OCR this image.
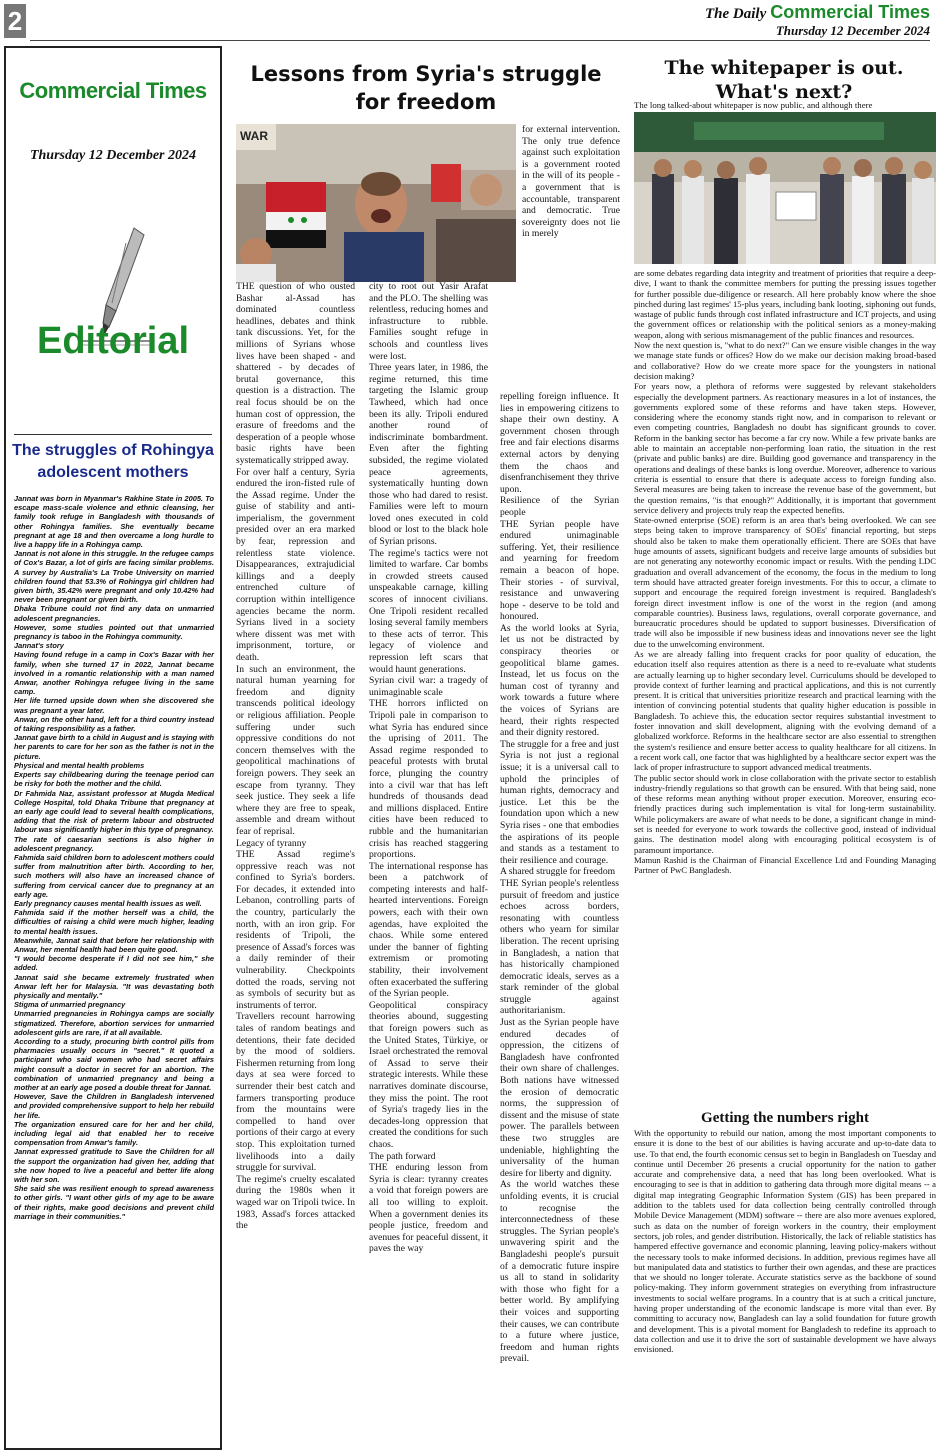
2	The Daily Commercial Times
Thursday 12 December 2024
Commercial Times
Thursday 12 December 2024
Editorial
The struggles of Rohingya adolescent mothers

Jannat was born in Myanmar's Rakhine State in 2005. To escape mass-scale violence and ethnic cleansing, her family took refuge in Bangladesh with thousands of other Rohingya families. She eventually became pregnant at age 18 and then overcame a long hurdle to live a happy life in a Rohingya camp.

Jannat is not alone in this struggle. In the refugee camps of Cox's Bazar, a lot of girls are facing similar problems. A survey by Australia's La Trobe University on married children found that 53.3% of Rohingya girl children had given birth, 35.42% were pregnant and only 10.42% had never been pregnant or given birth.

Dhaka Tribune could not find any data on unmarried adolescent pregnancies.

However, some studies pointed out that unmarried pregnancy is taboo in the Rohingya community.

Jannat's story

Having found refuge in a camp in Cox's Bazar with her family, when she turned 17 in 2022, Jannat became involved in a romantic relationship with a man named Anwar, another Rohingya refugee living in the same camp.

Her life turned upside down when she discovered she was pregnant a year later.

Anwar, on the other hand, left for a third country instead of taking responsibility as a father.

Jannat gave birth to a child in August and is staying with her parents to care for her son as the father is not in the picture.

Physical and mental health problems

Experts say childbearing during the teenage period can be risky for both the mother and the child.

Dr Fahmida Naz, assistant professor at Mugda Medical College Hospital, told Dhaka Tribune that pregnancy at an early age could lead to several health complications, adding that the risk of preterm labour and obstructed labour was significantly higher in this type of pregnancy.

The rate of caesarian sections is also higher in adolescent pregnancy.

Fahmida said children born to adolescent mothers could suffer from malnutrition after birth. According to her, such mothers will also have an increased chance of suffering from cervical cancer due to pregnancy at an early age.

Early pregnancy causes mental health issues as well.

Fahmida said if the mother herself was a child, the difficulties of raising a child were much higher, leading to mental health issues.

Meanwhile, Jannat said that before her relationship with Anwar, her mental health had been quite good.

"I would become desperate if I did not see him," she added.

Jannat said she became extremely frustrated when Anwar left her for Malaysia. "It was devastating both physically and mentally."

Stigma of unmarried pregnancy

Unmarried pregnancies in Rohingya camps are socially stigmatized. Therefore, abortion services for unmarried adolescent girls are rare, if at all available.

According to a study, procuring birth control pills from pharmacies usually occurs in "secret." It quoted a participant who said women who had secret affairs might consult a doctor in secret for an abortion. The combination of unmarried pregnancy and being a mother at an early age posed a double threat for Jannat.

However, Save the Children in Bangladesh intervened and provided comprehensive support to help her rebuild her life.

The organization ensured care for her and her child, including legal aid that enabled her to receive compensation from Anwar's family.

Jannat expressed gratitude to Save the Children for all the support the organization had given her, adding that she now hoped to live a peaceful and better life along with her son.

She said she was resilient enough to spread awareness to other girls. "I want other girls of my age to be aware of their rights, make good decisions and prevent child marriage in their communities."

Lessons from Syria's struggle for freedom
WAR	for external intervention. The only true defence against such exploitation is a government rooted in the will of its people - a government that is accountable, transparent and democratic. True sovereignty does not lie in merely

THE question of who ousted Bashar al-Assad has dominated countless headlines, debates and think tank discussions. Yet, for the millions of Syrians whose lives have been shaped - and shattered - by decades of brutal governance, this question is a distraction. The real focus should be on the human cost of oppression, the erasure of freedoms and the desperation of a people whose basic rights have been systematically stripped away.

For over half a century, Syria endured the iron-fisted rule of the Assad regime. Under the guise of stability and anti-imperialism, the government presided over an era marked by fear, repression and relentless state violence. Disappearances, extrajudicial killings and a deeply entrenched culture of corruption within intelligence agencies became the norm. Syrians lived in a society where dissent was met with imprisonment, torture, or death.

In such an environment, the natural human yearning for freedom and dignity transcends political ideology or religious affiliation. People suffering under such oppressive conditions do not concern themselves with the geopolitical machinations of foreign powers. They seek an escape from tyranny. They seek justice. They seek a life where they are free to speak, assemble and dream without fear of reprisal.

Legacy of tyranny

THE Assad regime's oppressive reach was not confined to Syria's borders. For decades, it extended into Lebanon, controlling parts of the country, particularly the north, with an iron grip. For residents of Tripoli, the presence of Assad's forces was a daily reminder of their vulnerability. Checkpoints dotted the roads, serving not as symbols of security but as instruments of terror.

Travellers recount harrowing tales of random beatings and detentions, their fate decided by the mood of soldiers. Fishermen returning from long days at sea were forced to surrender their best catch and farmers transporting produce from the mountains were compelled to hand over portions of their cargo at every stop. This exploitation turned livelihoods into a daily struggle for survival.

The regime's cruelty escalated during the 1980s when it waged war on Tripoli twice. In 1983, Assad's forces attacked the

city to root out Yasir Arafat and the PLO. The shelling was relentless, reducing homes and infrastructure to rubble. Families sought refuge in schools and countless lives were lost.

Three years later, in 1986, the regime returned, this time targeting the Islamic group Tawheed, which had once been its ally. Tripoli endured another round of indiscriminate bombardment. Even after the fighting subsided, the regime violated peace agreements, systematically hunting down those who had dared to resist. Families were left to mourn loved ones executed in cold blood or lost to the black hole of Syrian prisons.

The regime's tactics were not limited to warfare. Car bombs in crowded streets caused unspeakable carnage, killing scores of innocent civilians. One Tripoli resident recalled losing several family members to these acts of terror. This legacy of violence and repression left scars that would haunt generations.

Syrian civil war: a tragedy of unimaginable scale

THE horrors inflicted on Tripoli pale in comparison to what Syria has endured since the uprising of 2011. The Assad regime responded to peaceful protests with brutal force, plunging the country into a civil war that has left hundreds of thousands dead and millions displaced. Entire cities have been reduced to rubble and the humanitarian crisis has reached staggering proportions.

The international response has been a patchwork of competing interests and half-hearted interventions. Foreign powers, each with their own agendas, have exploited the chaos. While some entered under the banner of fighting extremism or promoting stability, their involvement often exacerbated the suffering of the Syrian people.

Geopolitical conspiracy theories abound, suggesting that foreign powers such as the United States, Türkiye, or Israel orchestrated the removal of Assad to serve their strategic interests. While these narratives dominate discourse, they miss the point. The root of Syria's tragedy lies in the decades-long oppression that created the conditions for such chaos.

The path forward

THE enduring lesson from Syria is clear: tyranny creates a void that foreign powers are all too willing to exploit. When a government denies its people justice, freedom and avenues for peaceful dissent, it paves the way

repelling foreign influence. It lies in empowering citizens to shape their own destiny. A government chosen through free and fair elections disarms external actors by denying them the chaos and disenfranchisement they thrive upon.

Resilience of the Syrian people

THE Syrian people have endured unimaginable suffering. Yet, their resilience and yearning for freedom remain a beacon of hope. Their stories - of survival, resistance and unwavering hope - deserve to be told and honoured.

As the world looks at Syria, let us not be distracted by conspiracy theories or geopolitical blame games. Instead, let us focus on the human cost of tyranny and work towards a future where the voices of Syrians are heard, their rights respected and their dignity restored.

The struggle for a free and just Syria is not just a regional issue; it is a universal call to uphold the principles of human rights, democracy and justice. Let this be the foundation upon which a new Syria rises - one that embodies the aspirations of its people and stands as a testament to their resilience and courage.

A shared struggle for freedom

THE Syrian people's relentless pursuit of freedom and justice echoes across borders, resonating with countless others who yearn for similar liberation. The recent uprising in Bangladesh, a nation that has historically championed democratic ideals, serves as a stark reminder of the global struggle against authoritarianism.

Just as the Syrian people have endured decades of oppression, the citizens of Bangladesh have confronted their own share of challenges. Both nations have witnessed the erosion of democratic norms, the suppression of dissent and the misuse of state power. The parallels between these two struggles are undeniable, highlighting the universality of the human desire for liberty and dignity.

As the world watches these unfolding events, it is crucial to recognise the interconnectedness of these struggles. The Syrian people's unwavering spirit and the Bangladeshi people's pursuit of a democratic future inspire us all to stand in solidarity with those who fight for a better world. By amplifying their voices and supporting their causes, we can contribute to a future where justice, freedom and human rights prevail.

The whitepaper is out. What's next?
The long talked-about whitepaper is now public, and although there

are some debates regarding data integrity and treatment of priorities that require a deep-dive, I want to thank the committee members for putting the pressing issues together for further possible due-diligence or research. All here probably know where the shoe pinched during last regimes' 15-plus years, including bank looting, siphoning out funds, wastage of public funds through cost inflated infrastructure and ICT projects, and using the government offices or relationship with the political seniors as a money-making weapon, along with serious mismanagement of the public finances and resources.

Now the next question is, "what to do next?" Can we ensure visible changes in the way we manage state funds or offices? How do we make our decision making broad-based and collaborative? How do we create more space for the youngsters in national decision making?

For years now, a plethora of reforms were suggested by relevant stakeholders especially the development partners. As reactionary measures in a lot of instances, the governments explored some of these reforms and have taken steps. However, considering where the economy stands right now, and in comparison to relevant or even competing countries, Bangladesh no doubt has significant grounds to cover. Reform in the banking sector has become a far cry now. While a few private banks are able to maintain an acceptable non-performing loan ratio, the situation in the rest (private and public banks) are dire. Building good governance and transparency in the operations and dealings of these banks is long overdue. Moreover, adherence to various criteria is essential to ensure that there is adequate access to foreign funding also. Several measures are being taken to increase the revenue base of the government, but the question remains, "is that enough?" Additionally, it is important that government service delivery and projects truly reap the expected benefits.

State-owned enterprise (SOE) reform is an area that's being overlooked. We can see steps being taken to improve transparency of SOEs' financial reporting, but steps should also be taken to make them operationally efficient. There are SOEs that have huge amounts of assets, significant budgets and receive large amounts of subsidies but are not generating any noteworthy economic impact or results. With the pending LDC graduation and overall advancement of the economy, the focus in the medium to long term should have attracted greater foreign investments. For this to occur, a climate to support and encourage the required foreign investment is required. Bangladesh's foreign direct investment inflow is one of the worst in the region (and among comparable countries). Business laws, regulations, overall corporate governance, and bureaucratic procedures should be updated to support businesses. Diversification of trade will also be impossible if new business ideas and innovations never see the light due to the unwelcoming environment.

As we are already falling into frequent cracks for poor quality of education, the education itself also requires attention as there is a need to re-evaluate what students are actually learning up to higher secondary level. Curriculums should be developed to provide context of further learning and practical applications, and this is not currently present. It is critical that universities prioritize research and practical learning with the intention of convincing potential students that quality higher education is possible in Bangladesh. To achieve this, the education sector requires substantial investment to foster innovation and skill development, aligning with the evolving demand of a globalized workforce. Reforms in the healthcare sector are also essential to strengthen the system's resilience and ensure better access to quality healthcare for all citizens. In a recent work call, one factor that was highlighted by a healthcare sector expert was the lack of proper infrastructure to support advanced medical treatments.

The public sector should work in close collaboration with the private sector to establish industry-friendly regulations so that growth can be ensured. With that being said, none of these reforms mean anything without proper execution. Moreover, ensuring eco-friendly practices during such implementation is vital for long-term sustainability. While policymakers are aware of what needs to be done, a significant change in mind-set is needed for everyone to work towards the collective good, instead of individual gains. The destination model along with encouraging political ecosystem is of paramount importance.

Mamun Rashid is the Chairman of Financial Excellence Ltd and Founding Managing Partner of PwC Bangladesh.

Getting the numbers right

With the opportunity to rebuild our nation, among the most important components to ensure it is done to the best of our abilities is having accurate and up-to-date data to use. To that end, the fourth economic census set to begin in Bangladesh on Tuesday and continue until December 26 presents a crucial opportunity for the nation to gather accurate and comprehensive data, a need that has long been overlooked. What is encouraging to see is that in addition to gathering data through more digital means -- a digital map integrating Geographic Information System (GIS) has been prepared in addition to the tablets used for data collection being centrally controlled through Mobile Device Management (MDM) software -- there are also more avenues explored, such as data on the number of foreign workers in the country, their employment sectors, job roles, and gender distribution. Historically, the lack of reliable statistics has hampered effective governance and economic planning, leaving policy-makers without the necessary tools to make informed decisions. In addition, previous regimes have all but manipulated data and statistics to further their own agendas, and these are practices that we should no longer tolerate. Accurate statistics serve as the backbone of sound policy-making. They inform government strategies on everything from infrastructure investments to social welfare programs. In a country that is at such a critical juncture, having proper understanding of the economic landscape is more vital than ever. By committing to accuracy now, Bangladesh can lay a solid foundation for future growth and development. This is a pivotal moment for Bangladesh to redefine its approach to data collection and use it to drive the sort of sustainable development we have always envisioned.
